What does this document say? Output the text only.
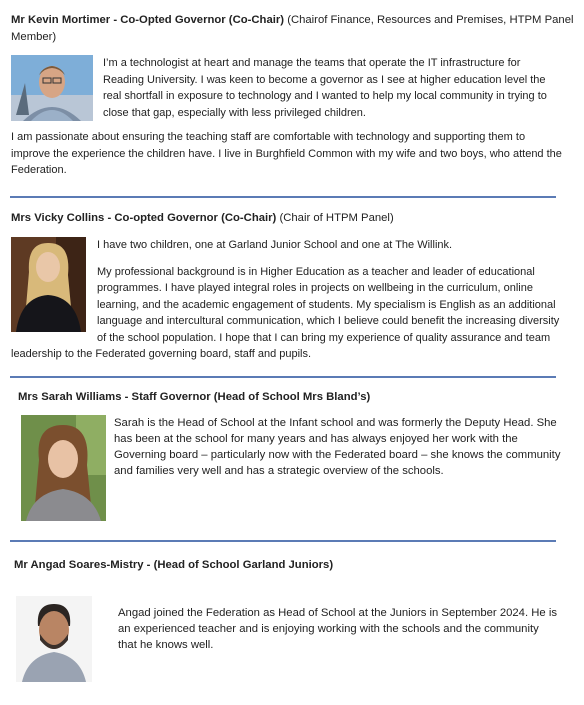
Mr Kevin Mortimer - Co-Opted Governor (Co-Chair) (Chairof Finance, Resources and Premises, HTPM Panel Member)

I’m a technologist at heart and manage the teams that operate the IT infrastructure for Reading University. I was keen to become a governor as I see at higher education level the real shortfall in exposure to technology and I wanted to help my local community in trying to close that gap, especially with less privileged children.

I am passionate about ensuring the teaching staff are comfortable with technology and supporting them to improve the experience the children have. I live in Burghfield Common with my wife and two boys, who attend the Federation.

Mrs Vicky Collins - Co-opted Governor (Co-Chair) (Chair of HTPM Panel)

I have two children, one at Garland Junior School and one at The Willink.

My professional background is in Higher Education as a teacher and leader of educational programmes. I have played integral roles in projects on wellbeing in the curriculum, online learning, and the academic engagement of students. My specialism is English as an additional language and intercultural communication, which I believe could benefit the increasing diversity of the school population. I hope that I can bring my experience of quality assurance and team leadership to the Federated governing board, staff and pupils.

Mrs Sarah Williams - Staff Governor (Head of School Mrs Bland’s)

Sarah is the Head of School at the Infant school and was formerly the Deputy Head. She has been at the school for many years and has always enjoyed her work with the Governing board – particularly now with the Federated board – she knows the community and families very well and has a strategic overview of the schools.

Mr Angad Soares-Mistry - (Head of School Garland Juniors)

Angad joined the Federation as Head of School at the Juniors in September 2024. He is an experienced teacher and is enjoying working with the schools and the community that he knows well.
